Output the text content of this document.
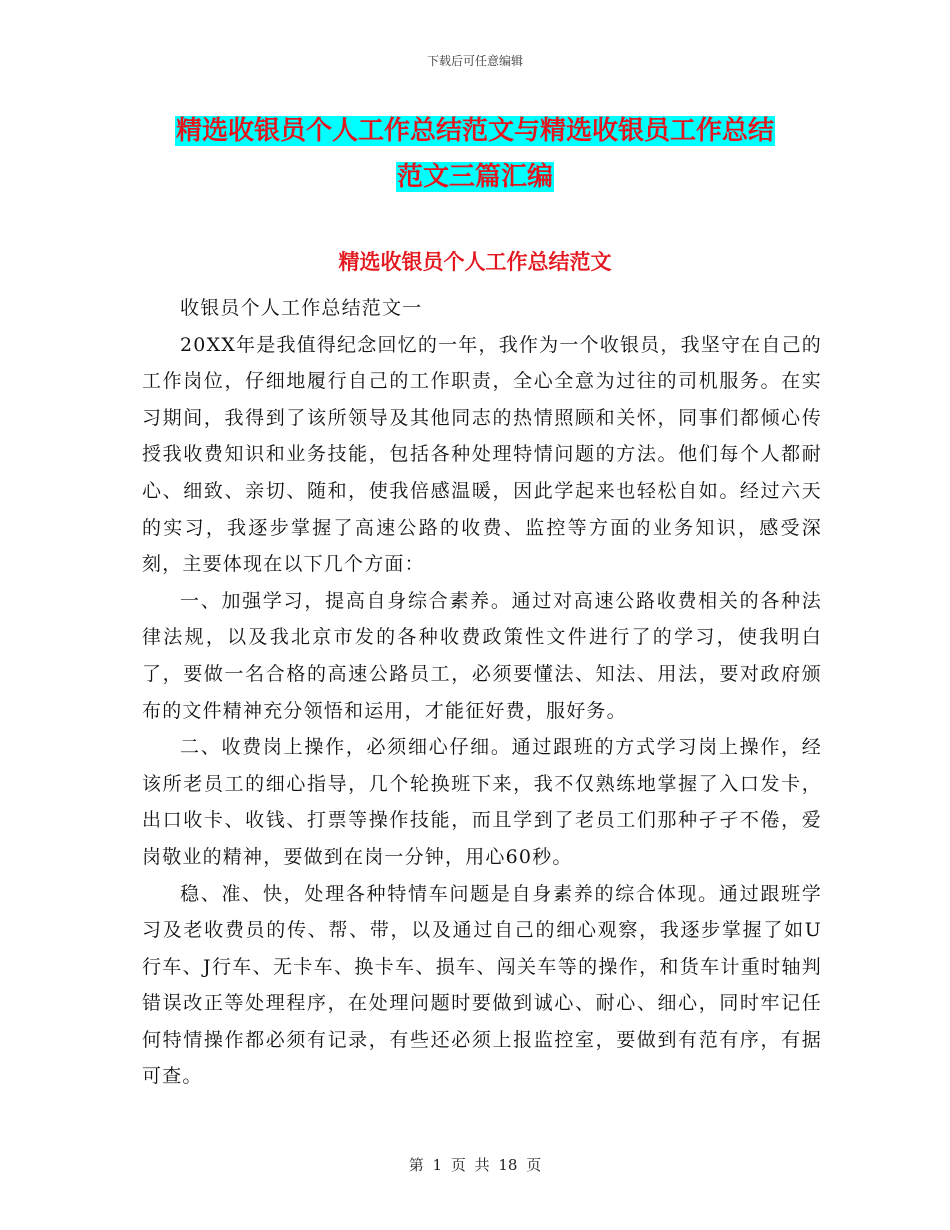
下载后可任意编辑
精选收银员个人工作总结范文与精选收银员工作总结
范文三篇汇编
精选收银员个人工作总结范文

收银员个人工作总结范文一

20XX年是我值得纪念回忆的一年，我作为一个收银员，我坚守在自己的工作岗位，仔细地履行自己的工作职责，全心全意为过往的司机服务。在实习期间，我得到了该所领导及其他同志的热情照顾和关怀，同事们都倾心传授我收费知识和业务技能，包括各种处理特情问题的方法。他们每个人都耐心、细致、亲切、随和，使我倍感温暖，因此学起来也轻松自如。经过六天的实习，我逐步掌握了高速公路的收费、监控等方面的业务知识，感受深刻，主要体现在以下几个方面：

一、加强学习，提高自身综合素养。通过对高速公路收费相关的各种法律法规，以及我北京市发的各种收费政策性文件进行了的学习，使我明白了，要做一名合格的高速公路员工，必须要懂法、知法、用法，要对政府颁布的文件精神充分领悟和运用，才能征好费，服好务。

二、收费岗上操作，必须细心仔细。通过跟班的方式学习岗上操作，经该所老员工的细心指导，几个轮换班下来，我不仅熟练地掌握了入口发卡，出口收卡、收钱、打票等操作技能，而且学到了老员工们那种孑孑不倦，爱岗敬业的精神，要做到在岗一分钟，用心60秒。

稳、准、快，处理各种特情车问题是自身素养的综合体现。通过跟班学习及老收费员的传、帮、带，以及通过自己的细心观察，我逐步掌握了如U行车、J行车、无卡车、换卡车、损车、闯关车等的操作，和货车计重时轴判错误改正等处理程序，在处理问题时要做到诚心、耐心、细心，同时牢记任何特情操作都必须有记录，有些还必须上报监控室，要做到有范有序，有据可查。

第 1 页 共 18 页
